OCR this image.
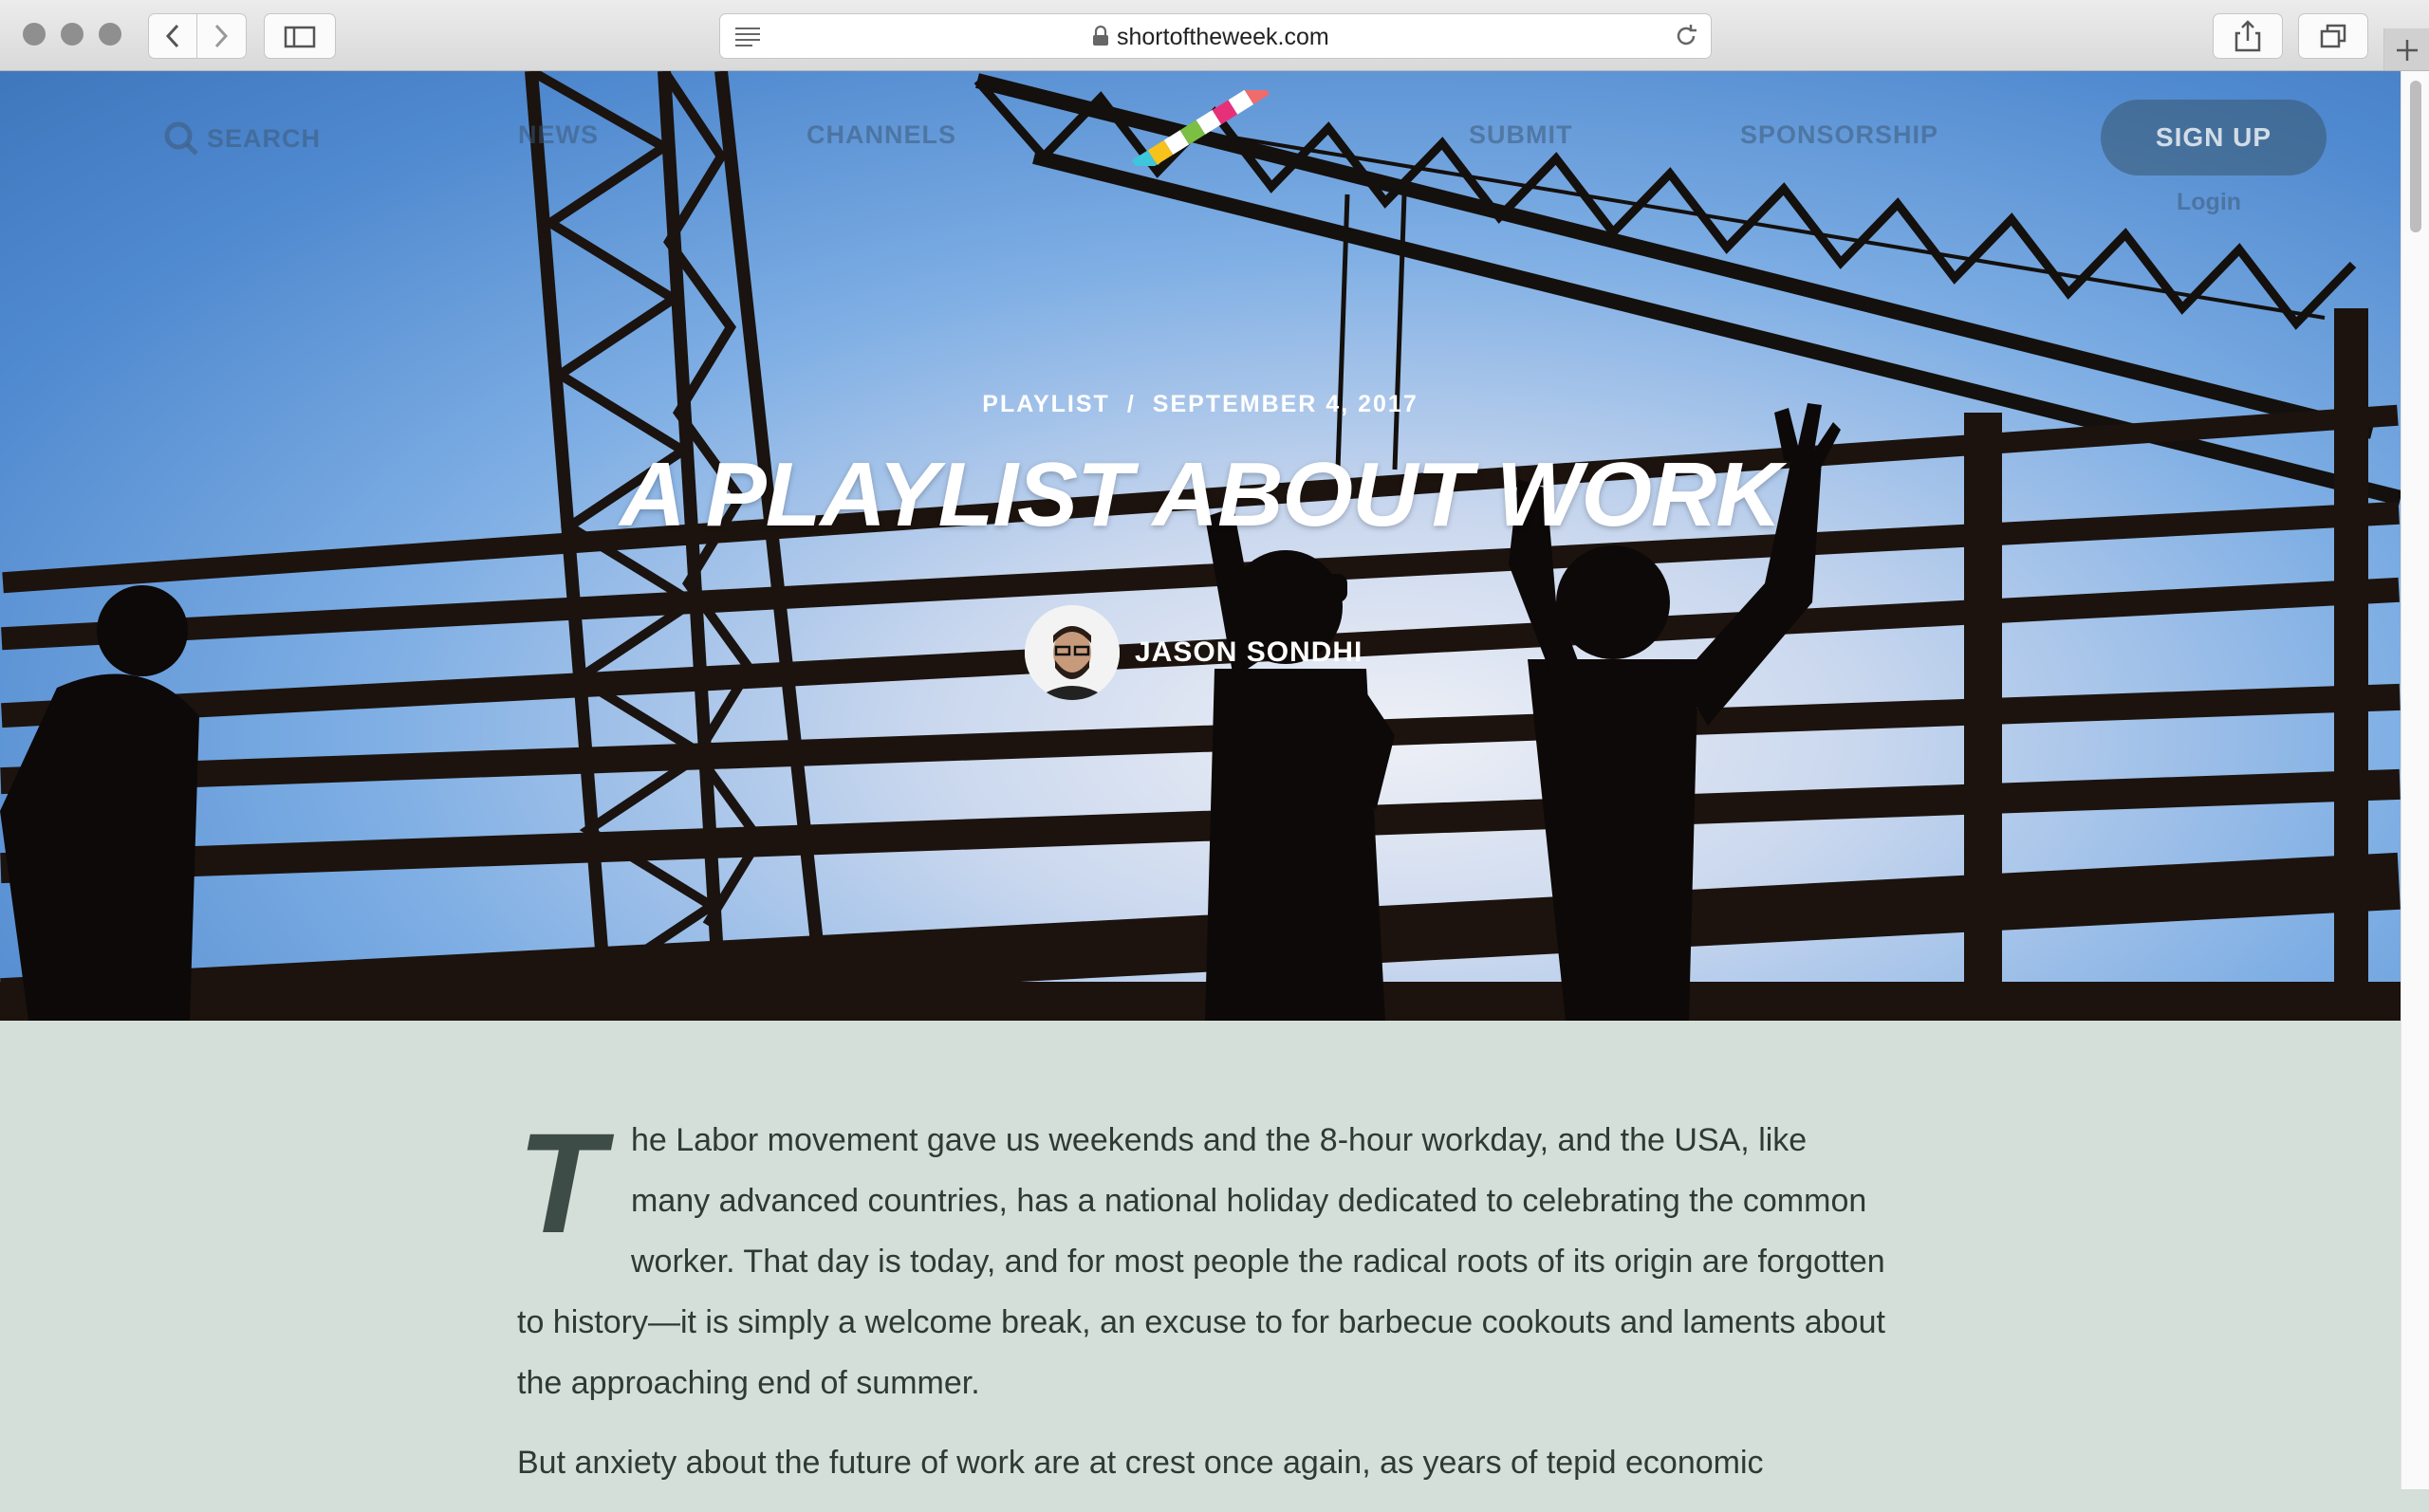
shortoftheweek.com
SEARCH	NEWS	CHANNELS	SUBMIT	SPONSORSHIP	SIGN UP
Login
PLAYLIST / SEPTEMBER 4, 2017
A PLAYLIST ABOUT WORK
JASON SONDHI

The Labor movement gave us weekends and the 8-hour workday, and the USA, like many advanced countries, has a national holiday dedicated to celebrating the common worker. That day is today, and for most people the radical roots of its origin are forgotten to history—it is simply a welcome break, an excuse to for barbecue cookouts and laments about the approaching end of summer.

But anxiety about the future of work are at crest once again, as years of tepid economic
